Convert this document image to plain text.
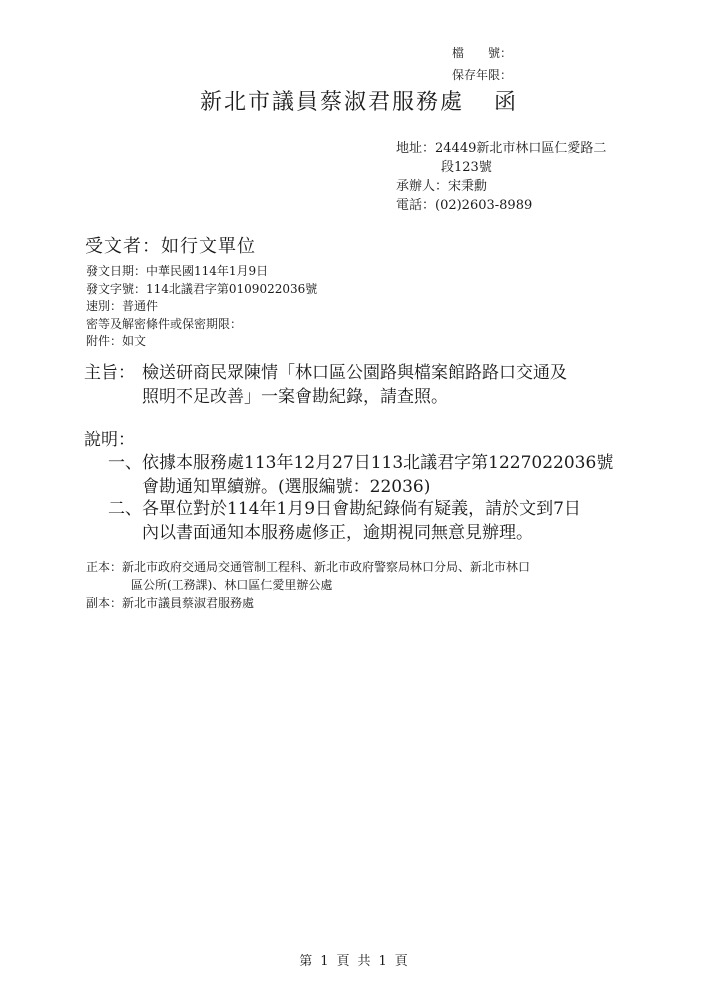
檔　　號：
保存年限：
新北市議員蔡淑君服務處 函
地址：24449新北市林口區仁愛路二
段123號
承辦人：宋秉勳
電話：(02)2603-8989
受文者：如行文單位
發文日期：中華民國114年1月9日
發文字號：114北議君字第0109022036號
速別：普通件
密等及解密條件或保密期限：
附件：如文
主旨： 檢送研商民眾陳情「林口區公園路與檔案館路路口交通及
照明不足改善」一案會勘紀錄，請查照。
說明：
一、依據本服務處113年12月27日113北議君字第1227022036號
會勘通知單續辦。(選服編號：22036)
二、各單位對於114年1月9日會勘紀錄倘有疑義，請於文到7日
內以書面通知本服務處修正，逾期視同無意見辦理。
正本：新北市政府交通局交通管制工程科、新北市政府警察局林口分局、新北市林口
區公所(工務課)、林口區仁愛里辦公處
副本：新北市議員蔡淑君服務處
第 1 頁 共 1 頁
